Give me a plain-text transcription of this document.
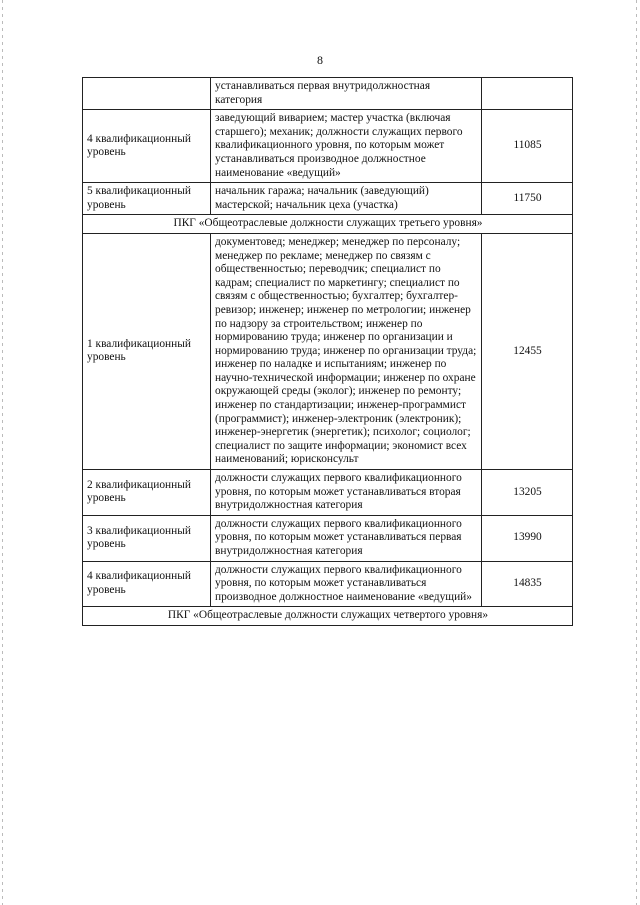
8
	устанавливаться первая внутридолжностная категория	
4 квалификационный уровень	заведующий виварием; мастер участка (включая старшего); механик; должности служащих первого квалификационного уровня, по которым может устанавливаться производное должностное наименование «ведущий»	11085
5 квалификационный уровень	начальник гаража; начальник (заведующий) мастерской; начальник цеха (участка)	11750
ПКГ «Общеотраслевые должности служащих третьего уровня»		
1 квалификационный уровень	документовед; менеджер; менеджер по персоналу; менеджер по рекламе; менеджер по связям с общественностью; переводчик; специалист по кадрам; специалист по маркетингу; специалист по связям с общественностью; бухгалтер; бухгалтер-ревизор; инженер; инженер по метрологии; инженер по надзору за строительством; инженер по нормированию труда; инженер по организации и нормированию труда; инженер по организации труда; инженер по наладке и испытаниям; инженер по научно-технической информации; инженер по охране окружающей среды (эколог); инженер по ремонту; инженер по стандартизации; инженер-программист (программист); инженер-электроник (электроник); инженер-энергетик (энергетик); психолог; социолог; специалист по защите информации; экономист всех наименований; юрисконсульт	12455
2 квалификационный уровень	должности служащих первого квалификационного уровня, по которым может устанавливаться вторая внутридолжностная категория	13205
3 квалификационный уровень	должности служащих первого квалификационного уровня, по которым может устанавливаться первая внутридолжностная категория	13990
4 квалификационный уровень	должности служащих первого квалификационного уровня, по которым может устанавливаться производное должностное наименование «ведущий»	14835
ПКГ «Общеотраслевые должности служащих четвертого уровня»		
